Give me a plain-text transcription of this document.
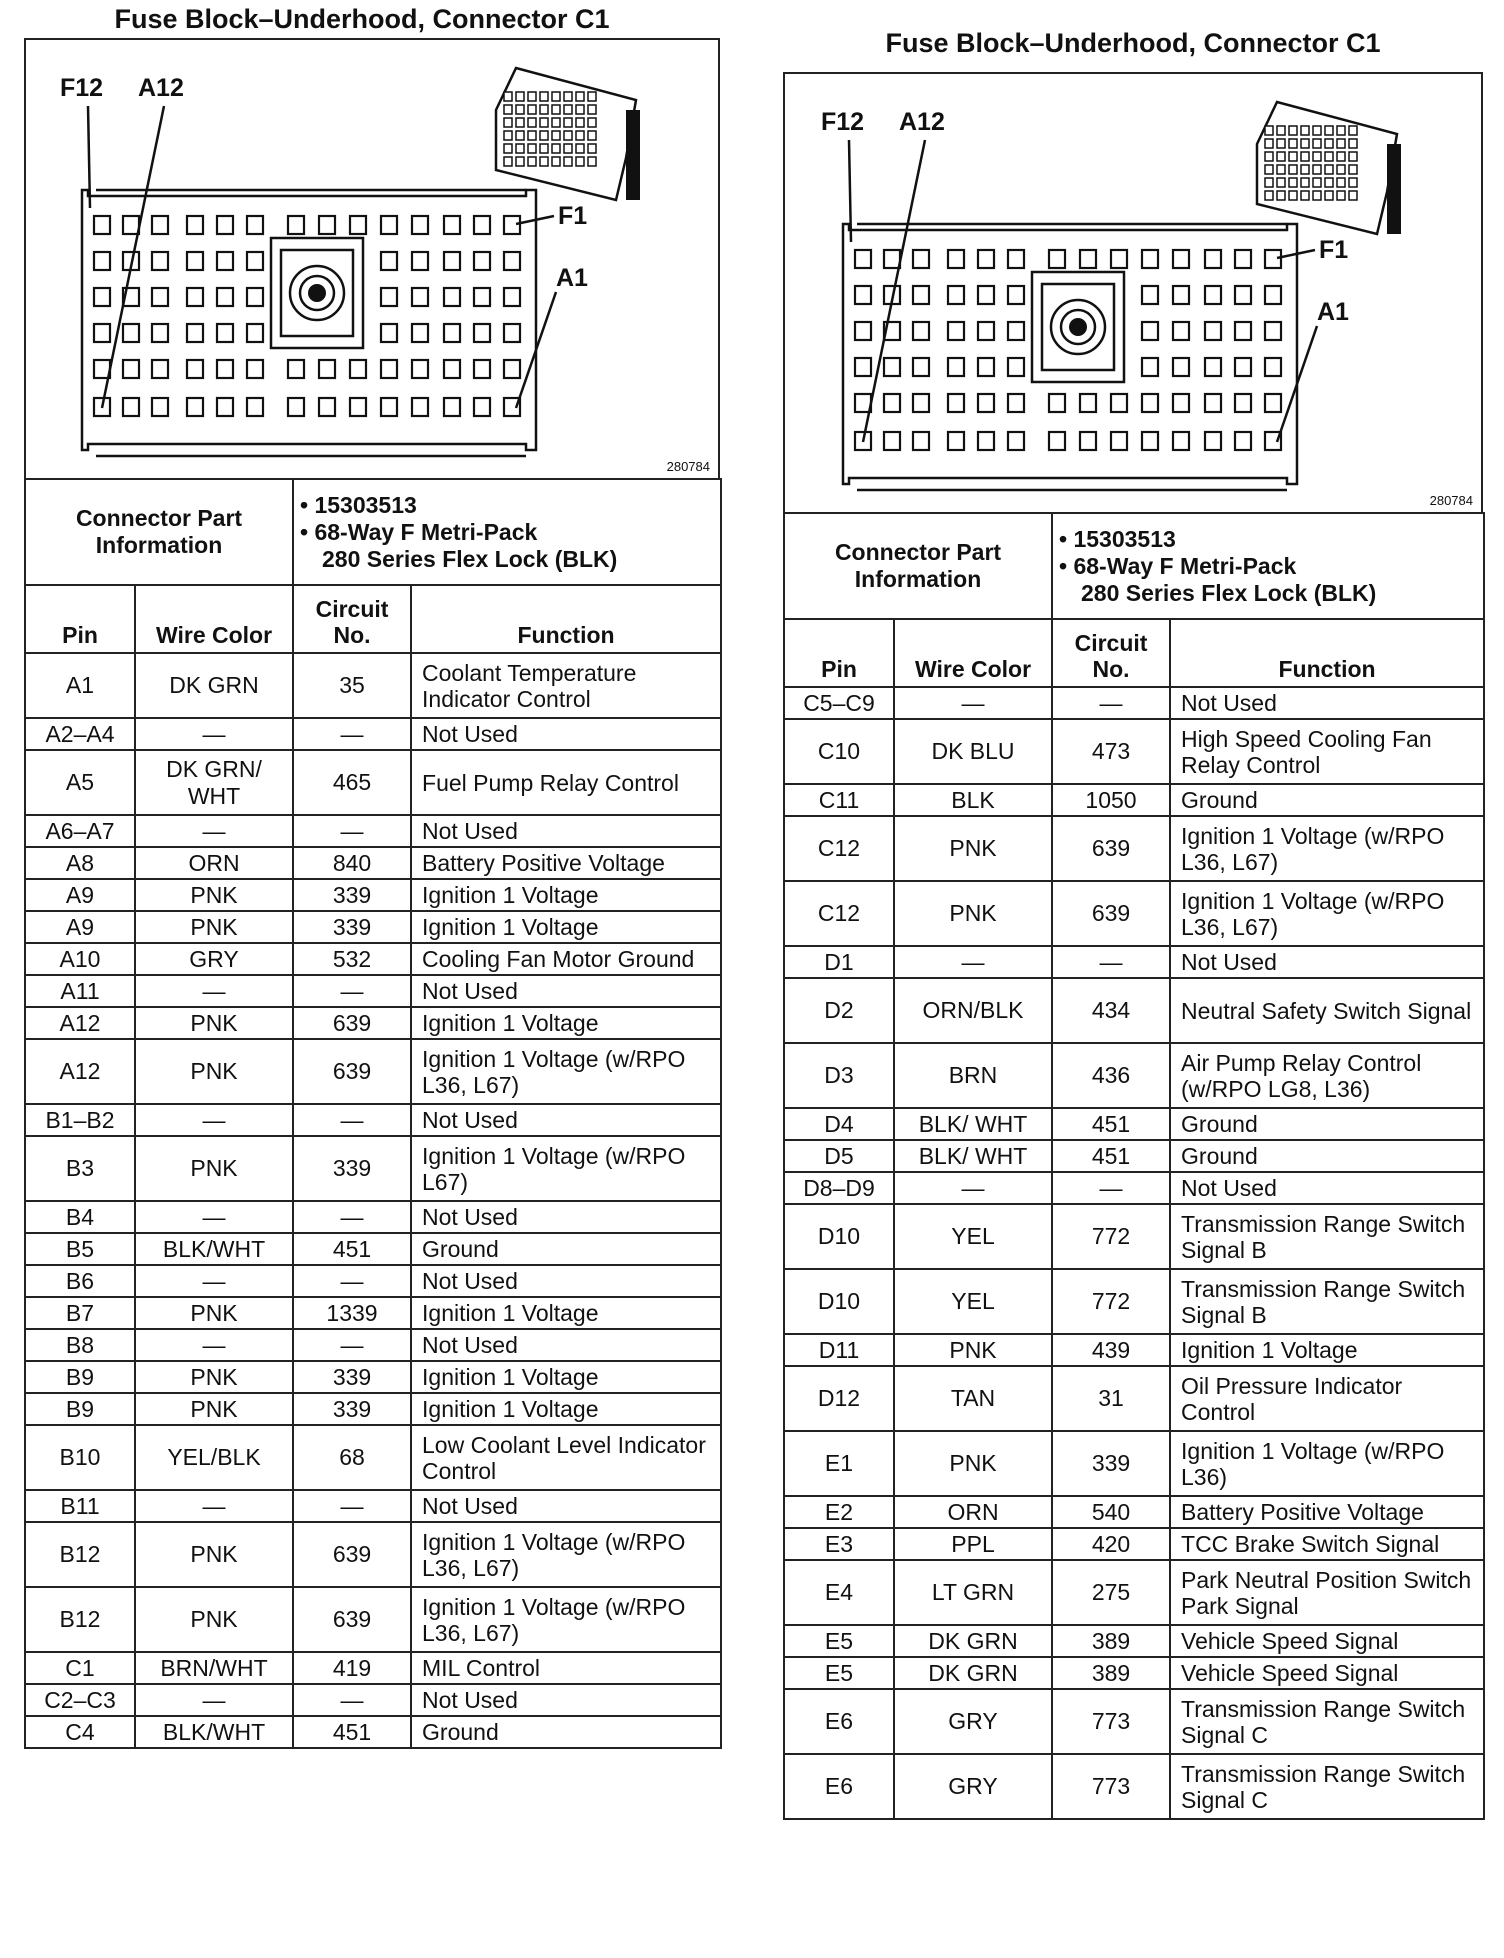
Fuse Block–Underhood, Connector C1
F12 A12
F1
A1
280784
Connector Part Information		• 15303513
• 68-Way F Metri-Pack
280 Series Flex Lock (BLK)	

Pin	Wire Color	Circuit No.	Function
A1	DK GRN	35	Coolant Temperature Indicator Control
A2–A4	—	—	Not Used
A5	DK GRN/ WHT	465	Fuel Pump Relay Control
A6–A7	—	—	Not Used
A8	ORN	840	Battery Positive Voltage
A9	PNK	339	Ignition 1 Voltage
A9	PNK	339	Ignition 1 Voltage
A10	GRY	532	Cooling Fan Motor Ground
A11	—	—	Not Used
A12	PNK	639	Ignition 1 Voltage
A12	PNK	639	Ignition 1 Voltage (w/RPO L36, L67)
B1–B2	—	—	Not Used
B3	PNK	339	Ignition 1 Voltage (w/RPO L67)
B4	—	—	Not Used
B5	BLK/WHT	451	Ground
B6	—	—	Not Used
B7	PNK	1339	Ignition 1 Voltage
B8	—	—	Not Used
B9	PNK	339	Ignition 1 Voltage
B9	PNK	339	Ignition 1 Voltage
B10	YEL/BLK	68	Low Coolant Level Indicator Control
B11	—	—	Not Used
B12	PNK	639	Ignition 1 Voltage (w/RPO L36, L67)
B12	PNK	639	Ignition 1 Voltage (w/RPO L36, L67)
C1	BRN/WHT	419	MIL Control
C2–C3	—	—	Not Used
C4	BLK/WHT	451	Ground
Fuse Block–Underhood, Connector C1
F12 A12
F1
A1
280784
Connector Part Information		• 15303513
• 68-Way F Metri-Pack
280 Series Flex Lock (BLK)	

Pin	Wire Color	Circuit No.	Function
C5–C9	—	—	Not Used
C10	DK BLU	473	High Speed Cooling Fan Relay Control
C11	BLK	1050	Ground
C12	PNK	639	Ignition 1 Voltage (w/RPO L36, L67)
C12	PNK	639	Ignition 1 Voltage (w/RPO L36, L67)
D1	—	—	Not Used
D2	ORN/BLK	434	Neutral Safety Switch Signal
D3	BRN	436	Air Pump Relay Control (w/RPO LG8, L36)
D4	BLK/ WHT	451	Ground
D5	BLK/ WHT	451	Ground
D8–D9	—	—	Not Used
D10	YEL	772	Transmission Range Switch Signal B
D10	YEL	772	Transmission Range Switch Signal B
D11	PNK	439	Ignition 1 Voltage
D12	TAN	31	Oil Pressure Indicator Control
E1	PNK	339	Ignition 1 Voltage (w/RPO L36)
E2	ORN	540	Battery Positive Voltage
E3	PPL	420	TCC Brake Switch Signal
E4	LT GRN	275	Park Neutral Position Switch Park Signal
E5	DK GRN	389	Vehicle Speed Signal
E5	DK GRN	389	Vehicle Speed Signal
E6	GRY	773	Transmission Range Switch Signal C
E6	GRY	773	Transmission Range Switch Signal C
